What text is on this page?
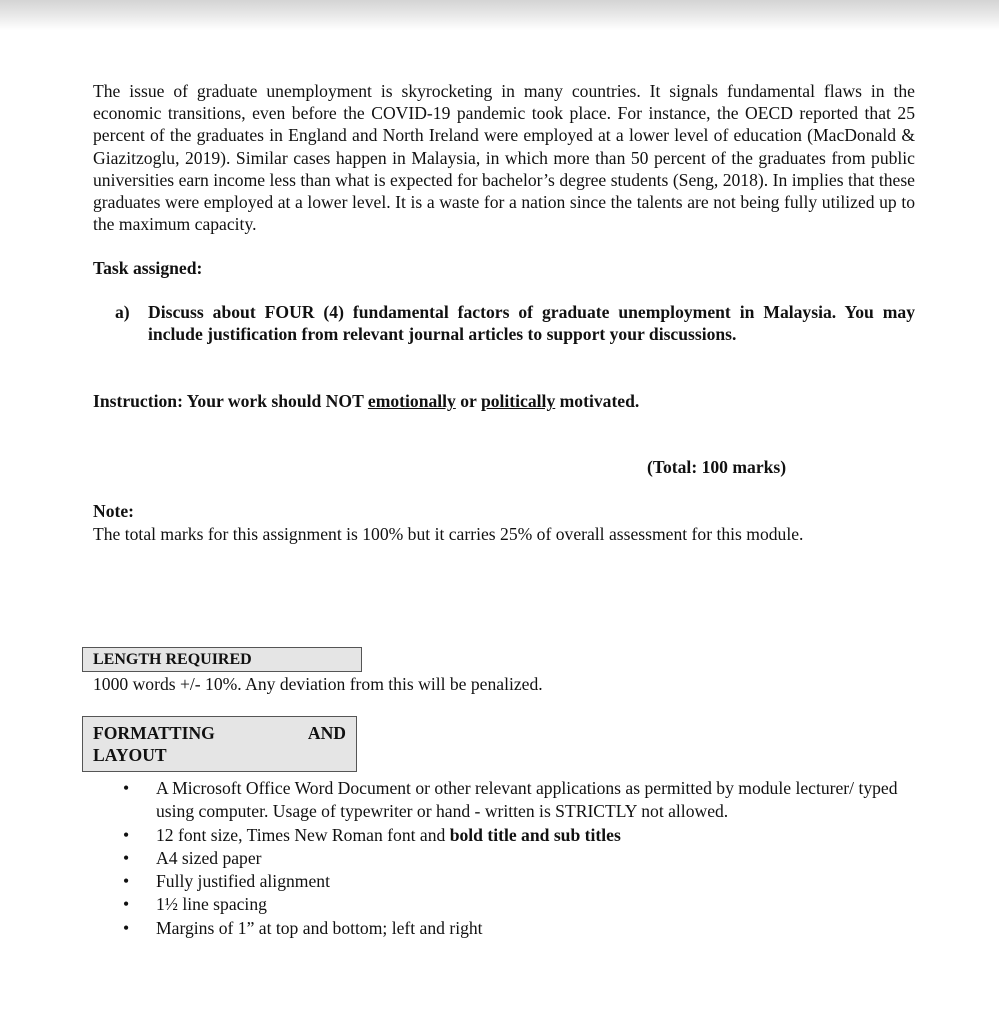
The issue of graduate unemployment is skyrocketing in many countries. It signals fundamental flaws in the economic transitions, even before the COVID-19 pandemic took place. For instance, the OECD reported that 25 percent of the graduates in England and North Ireland were employed at a lower level of education (MacDonald & Giazitzoglu, 2019). Similar cases happen in Malaysia, in which more than 50 percent of the graduates from public universities earn income less than what is expected for bachelor’s degree students (Seng, 2018). In implies that these graduates were employed at a lower level. It is a waste for a nation since the talents are not being fully utilized up to the maximum capacity.

Task assigned:

a) Discuss about FOUR (4) fundamental factors of graduate unemployment in Malaysia. You may include justification from relevant journal articles to support your discussions.

Instruction: Your work should NOT emotionally or politically motivated.

(Total: 100 marks)

Note:

The total marks for this assignment is 100% but it carries 25% of overall assessment for this module.

LENGTH REQUIRED

1000 words +/- 10%. Any deviation from this will be penalized.

FORMATTING	AND
LAYOUT
• A Microsoft Office Word Document or other relevant applications as permitted by module lecturer/ typed using computer. Usage of typewriter or hand - written is STRICTLY not allowed.
• 12 font size, Times New Roman font and bold title and sub titles
• A4 sized paper
• Fully justified alignment
• 1½ line spacing
• Margins of 1” at top and bottom; left and right
